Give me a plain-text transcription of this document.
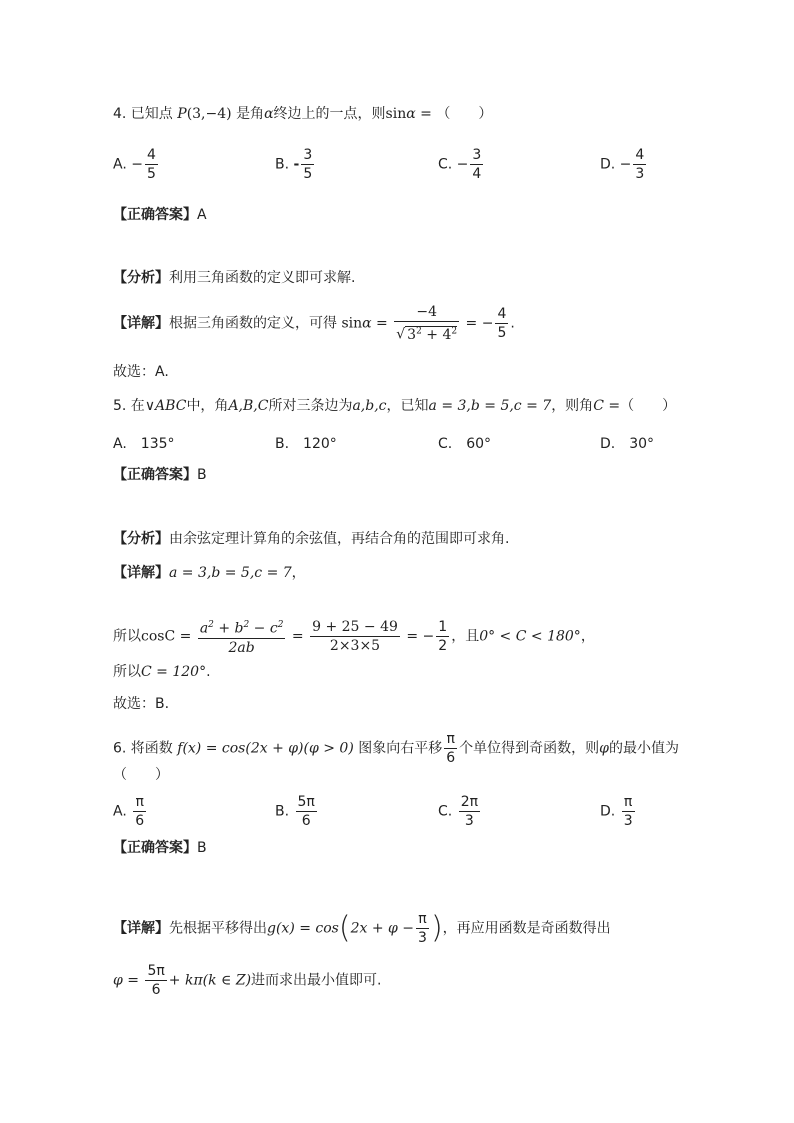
4. 已知点 P(3,−4) 是角α终边上的一点，则sinα = （　　）
A. − $\frac{4}{5}$	B. - $\frac{3}{5}$	C. − $\frac{3}{4}$	D. − $\frac{4}{3}$
【正确答案】A
【分析】利用三角函数的定义即可求解.
【详解】根据三角函数的定义，可得 $\sin\alpha = \frac{-4}{√ 3^2 + 4^2}$ = − $\frac{4}{5}$ .
故选：A.
5. 在∨ABC中，角A,B,C所对三条边为a,b,c，已知a = 3,b = 5,c = 7，则角C =（　　）
A.　135°	B.　120°	C.　60°	D.　30°
【正确答案】B
【分析】由余弦定理计算角的余弦值，再结合角的范围即可求角.
【详解】a = 3,b = 5,c = 7，
所以$\cos C = \frac{a^2 + b^2 - c^2}{2ab} = \frac{9 + 25 - 49}{2\times 3\times 5}$ = − $\frac{1}{2}$ ，且0° < C < 180°，
所以C = 120°.
故选：B.
6. 将函数 f(x) = cos(2x + φ)(φ > 0) 图象向右平移 $\frac{\pi}{6}$ 个单位得到奇函数，则φ的最小值为
（　　）
A. $\frac{\pi}{6}$	B. $\frac{5\pi}{6}$	C. $\frac{2\pi}{3}$	D. $\frac{\pi}{3}$
【正确答案】B
【详解】先根据平移得出$g(x) = \cos(2x + \varphi - \frac{\pi}{3}$ )，再应用函数是奇函数得出
$\varphi = \frac{5\pi}{6} + k\pi(k$ ∈ Z)进而求出最小值即可.
